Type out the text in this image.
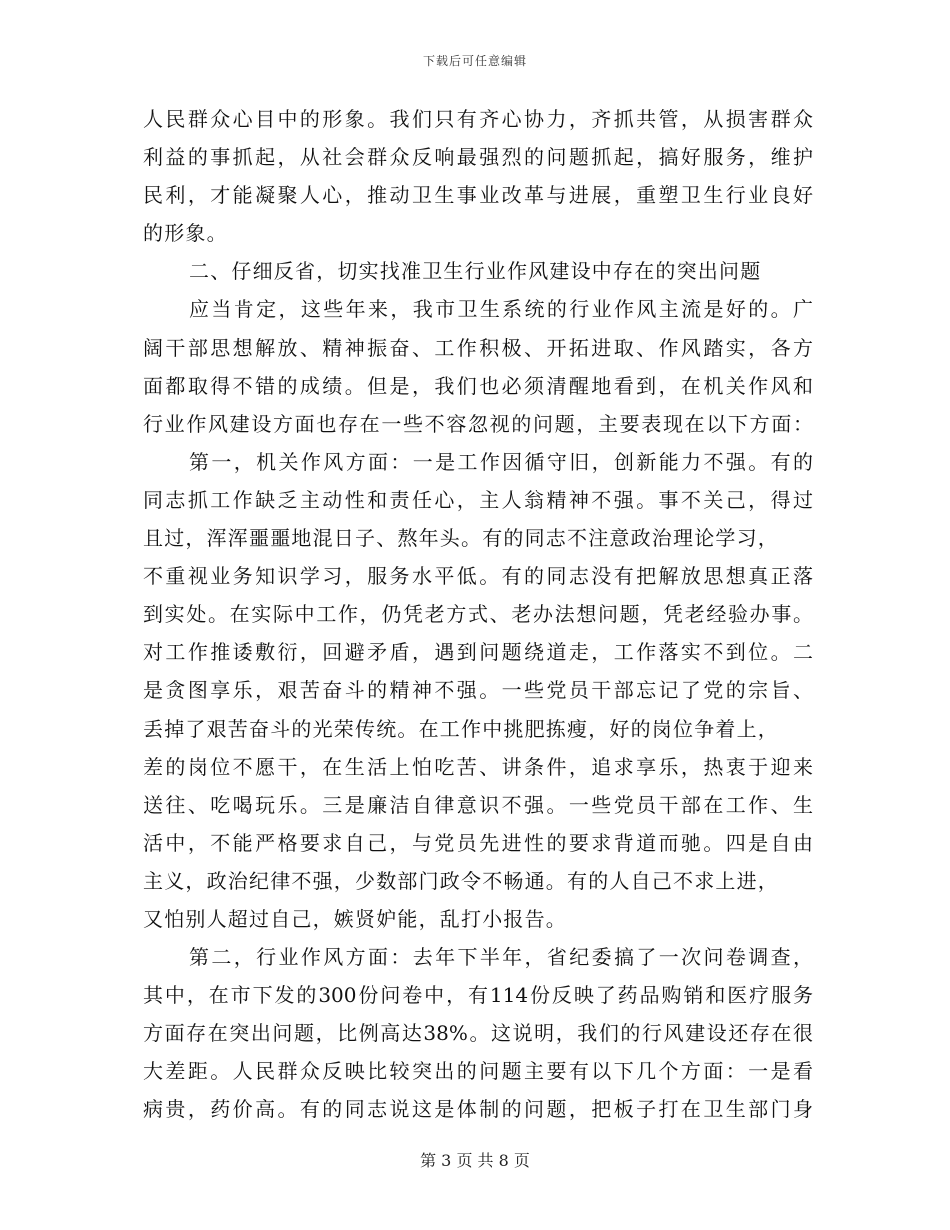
下载后可任意编辑
人民群众心目中的形象。我们只有齐心协力，齐抓共管，从损害群众
利益的事抓起，从社会群众反响最强烈的问题抓起，搞好服务，维护
民利，才能凝聚人心，推动卫生事业改革与进展，重塑卫生行业良好
的形象。
二、仔细反省，切实找准卫生行业作风建设中存在的突出问题
应当肯定，这些年来，我市卫生系统的行业作风主流是好的。广
阔干部思想解放、精神振奋、工作积极、开拓进取、作风踏实，各方
面都取得不错的成绩。但是，我们也必须清醒地看到，在机关作风和
行业作风建设方面也存在一些不容忽视的问题，主要表现在以下方面：
第一，机关作风方面：一是工作因循守旧，创新能力不强。有的
同志抓工作缺乏主动性和责任心，主人翁精神不强。事不关己，得过
且过，浑浑噩噩地混日子、熬年头。有的同志不注意政治理论学习，
不重视业务知识学习，服务水平低。有的同志没有把解放思想真正落
到实处。在实际中工作，仍凭老方式、老办法想问题，凭老经验办事。
对工作推诿敷衍，回避矛盾，遇到问题绕道走，工作落实不到位。二
是贪图享乐，艰苦奋斗的精神不强。一些党员干部忘记了党的宗旨、
丢掉了艰苦奋斗的光荣传统。在工作中挑肥拣瘦，好的岗位争着上，
差的岗位不愿干，在生活上怕吃苦、讲条件，追求享乐，热衷于迎来
送往、吃喝玩乐。三是廉洁自律意识不强。一些党员干部在工作、生
活中，不能严格要求自己，与党员先进性的要求背道而驰。四是自由
主义，政治纪律不强，少数部门政令不畅通。有的人自己不求上进，
又怕别人超过自己，嫉贤妒能，乱打小报告。
第二，行业作风方面：去年下半年，省纪委搞了一次问卷调查，
其中，在市下发的300份问卷中，有114份反映了药品购销和医疗服务
方面存在突出问题，比例高达38%。这说明，我们的行风建设还存在很
大差距。人民群众反映比较突出的问题主要有以下几个方面：一是看
病贵，药价高。有的同志说这是体制的问题，把板子打在卫生部门身
第 3 页 共 8 页
